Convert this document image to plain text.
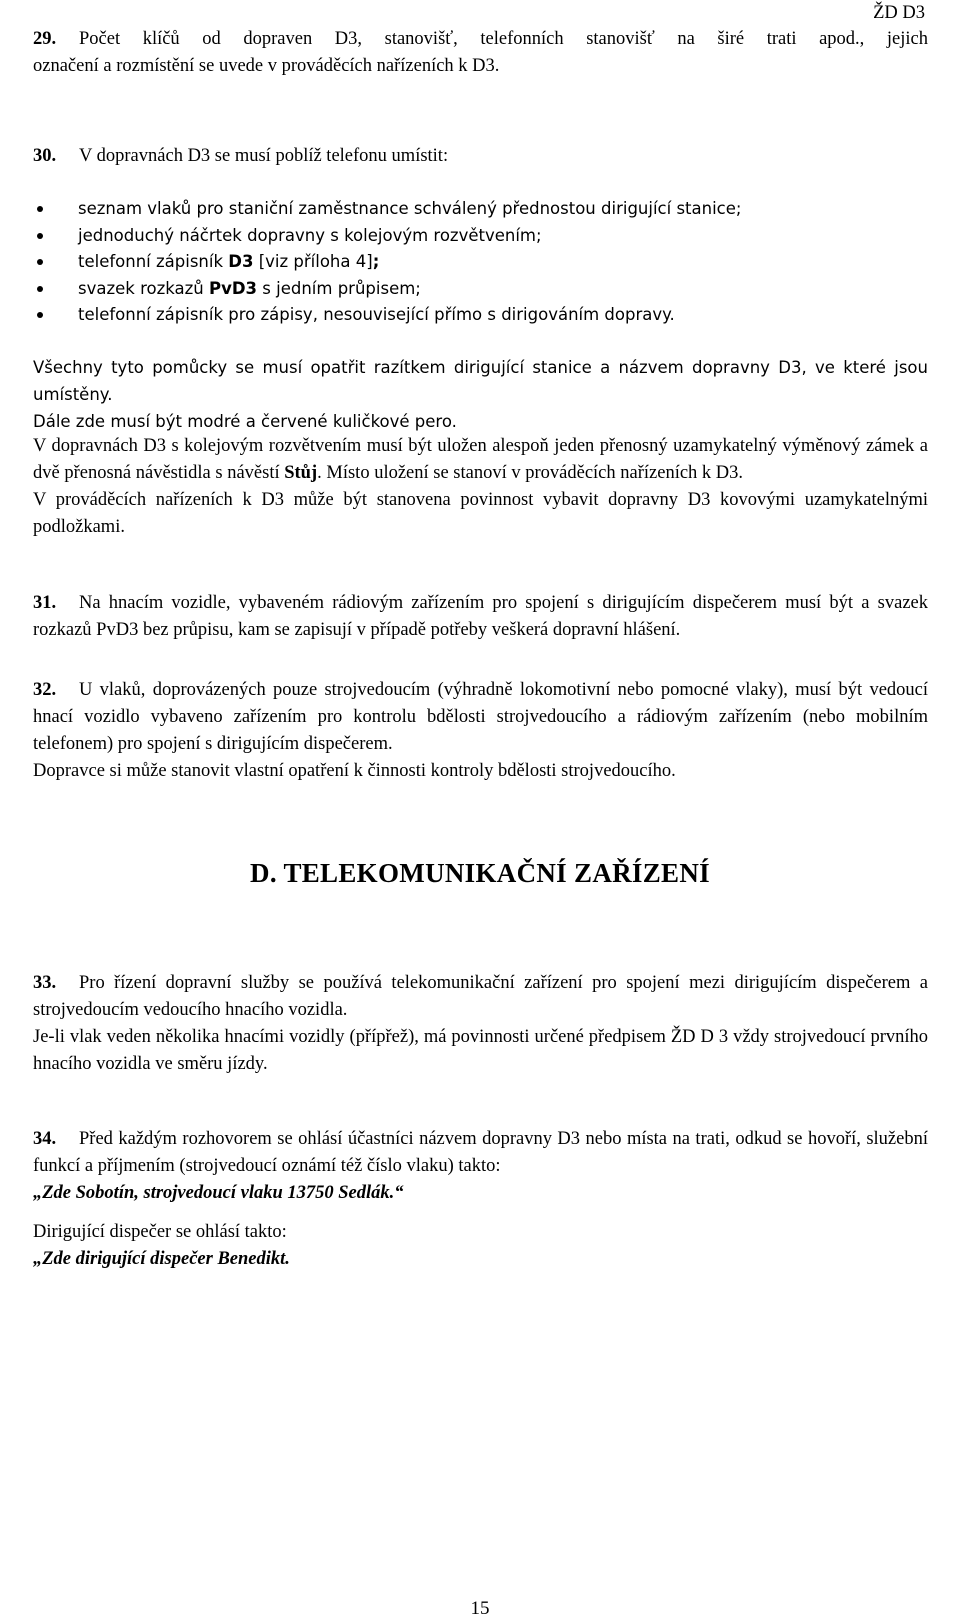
ŽD D3

29. Počet klíčů od dopraven D3, stanovišť, telefonních stanovišť na širé trati apod., jejich

označení a rozmístění se uvede v prováděcích nařízeních k D3.

30. V dopravnách D3 se musí poblíž telefonu umístit:

seznam vlaků pro staniční zaměstnance schválený přednostou dirigující stanice;
jednoduchý náčrtek dopravny s kolejovým rozvětvením;
telefonní zápisník D3 [viz příloha 4];
svazek rozkazů PvD3 s jedním průpisem;
telefonní zápisník pro zápisy, nesouvisející přímo s dirigováním dopravy.

Všechny tyto pomůcky se musí opatřit razítkem dirigující stanice a názvem dopravny D3, ve které jsou umístěny.

Dále zde musí být modré a červené kuličkové pero.

V dopravnách D3 s kolejovým rozvětvením musí být uložen alespoň jeden přenosný uzamykatelný výměnový zámek a dvě přenosná návěstidla s návěstí Stůj. Místo uložení se stanoví v prováděcích nařízeních k D3.

V prováděcích nařízeních k D3 může být stanovena povinnost vybavit dopravny D3 kovovými uzamykatelnými podložkami.

31. Na hnacím vozidle, vybaveném rádiovým zařízením pro spojení s dirigujícím dispečerem musí být a svazek rozkazů PvD3 bez průpisu, kam se zapisují v případě potřeby veškerá dopravní hlášení.

32. U vlaků, doprovázených pouze strojvedoucím (výhradně lokomotivní nebo pomocné vlaky), musí být vedoucí hnací vozidlo vybaveno zařízením pro kontrolu bdělosti strojvedoucího a rádiovým zařízením (nebo mobilním telefonem) pro spojení s dirigujícím dispečerem.

Dopravce si může stanovit vlastní opatření k činnosti kontroly bdělosti strojvedoucího.

D. TELEKOMUNIKAČNÍ ZAŘÍZENÍ

33. Pro řízení dopravní služby se používá telekomunikační zařízení pro spojení mezi dirigujícím dispečerem a strojvedoucím vedoucího hnacího vozidla.

Je-li vlak veden několika hnacími vozidly (přípřež), má povinnosti určené předpisem ŽD D 3 vždy strojvedoucí prvního hnacího vozidla ve směru jízdy.

34. Před každým rozhovorem se ohlásí účastníci názvem dopravny D3 nebo místa na trati, odkud se hovoří, služební funkcí a příjmením (strojvedoucí oznámí též číslo vlaku) takto:

„Zde Sobotín, strojvedoucí vlaku 13750 Sedlák.“

Dirigující dispečer se ohlásí takto:

„Zde dirigující dispečer Benedikt.

15
